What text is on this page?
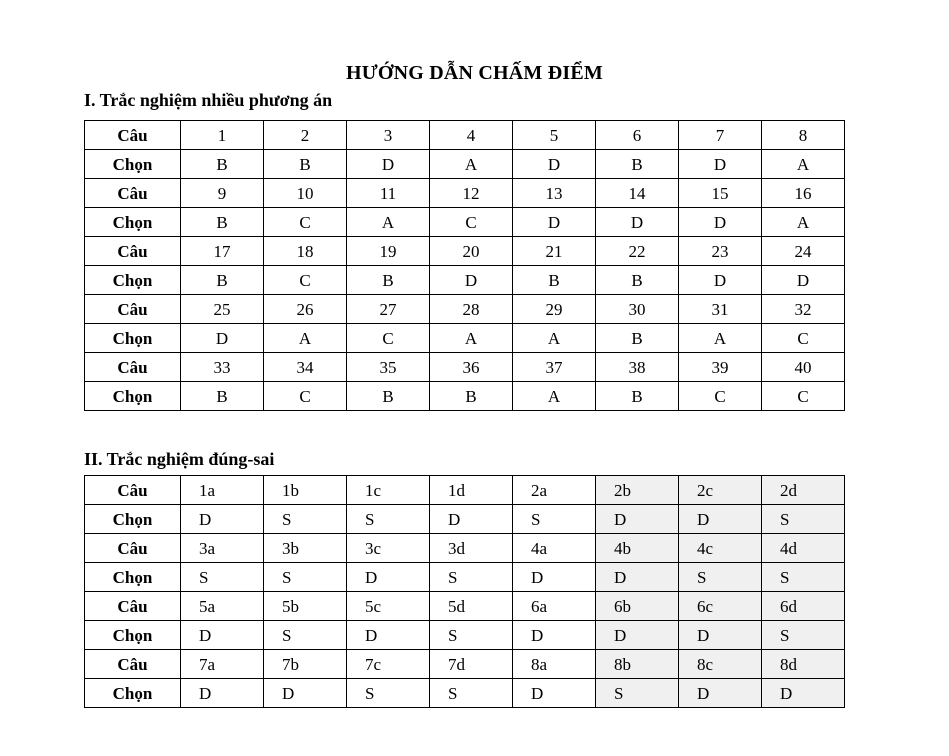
HƯỚNG DẪN CHẤM ĐIỂM
I. Trắc nghiệm nhiều phương án
Câu	1	2	3	4	5	6	7	8
Chọn	B	B	D	A	D	B	D	A
Câu	9	10	11	12	13	14	15	16
Chọn	B	C	A	C	D	D	D	A
Câu	17	18	19	20	21	22	23	24
Chọn	B	C	B	D	B	B	D	D
Câu	25	26	27	28	29	30	31	32
Chọn	D	A	C	A	A	B	A	C
Câu	33	34	35	36	37	38	39	40
Chọn	B	C	B	B	A	B	C	C
II. Trắc nghiệm đúng-sai
Câu	1a	1b	1c	1d	2a	2b	2c	2d
Chọn	D	S	S	D	S	D	D	S
Câu	3a	3b	3c	3d	4a	4b	4c	4d
Chọn	S	S	D	S	D	D	S	S
Câu	5a	5b	5c	5d	6a	6b	6c	6d
Chọn	D	S	D	S	D	D	D	S
Câu	7a	7b	7c	7d	8a	8b	8c	8d
Chọn	D	D	S	S	D	S	D	D
